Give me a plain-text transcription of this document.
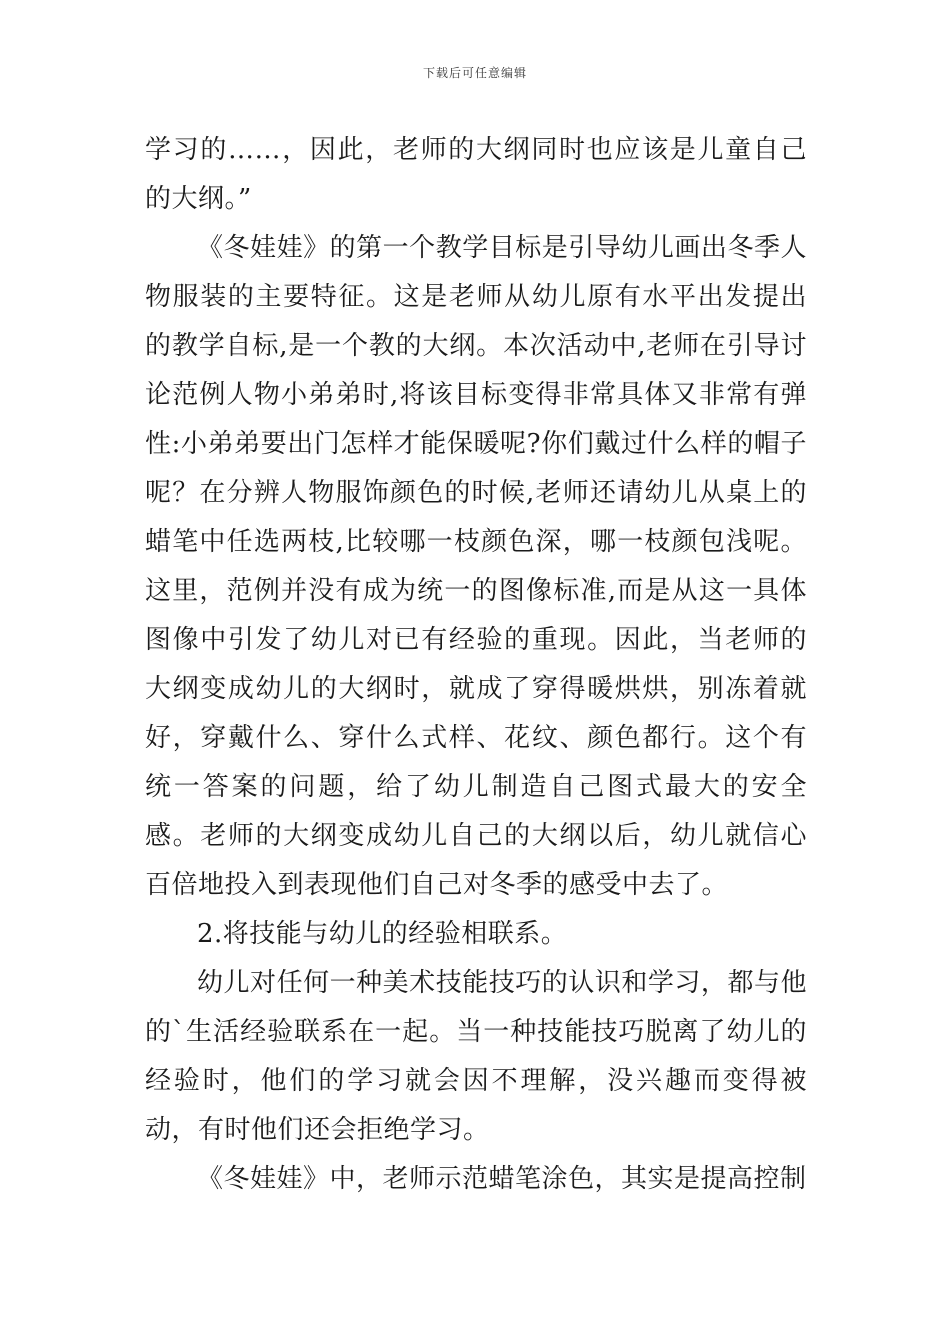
下载后可任意编辑

学习的……，因此，老师的大纲同时也应该是儿童自己的大纲。”

《冬娃娃》的第一个教学目标是引导幼儿画出冬季人物服装的主要特征。这是老师从幼儿原有水平出发提出的教学自标,是一个教的大纲。本次活动中,老师在引导讨论范例人物小弟弟时,将该目标变得非常具体又非常有弹性:小弟弟要出门怎样才能保暖呢?你们戴过什么样的帽子呢？在分辨人物服饰颜色的时候,老师还请幼儿从桌上的蜡笔中任选两枝,比较哪一枝颜色深，哪一枝颜包浅呢。这里，范例并没有成为统一的图像标准,而是从这一具体图像中引发了幼儿对已有经验的重现。因此，当老师的大纲变成幼儿的大纲时，就成了穿得暖烘烘，别冻着就好，穿戴什么、穿什么式样、花纹、颜色都行。这个有统一答案的问题，给了幼儿制造自己图式最大的安全感。老师的大纲变成幼儿自己的大纲以后，幼儿就信心百倍地投入到表现他们自己对冬季的感受中去了。

2.将技能与幼儿的经验相联系。

幼儿对任何一种美术技能技巧的认识和学习，都与他的`生活经验联系在一起。当一种技能技巧脱离了幼儿的经验时，他们的学习就会因不理解，没兴趣而变得被动，有时他们还会拒绝学习。

《冬娃娃》中，老师示范蜡笔涂色，其实是提高控制
